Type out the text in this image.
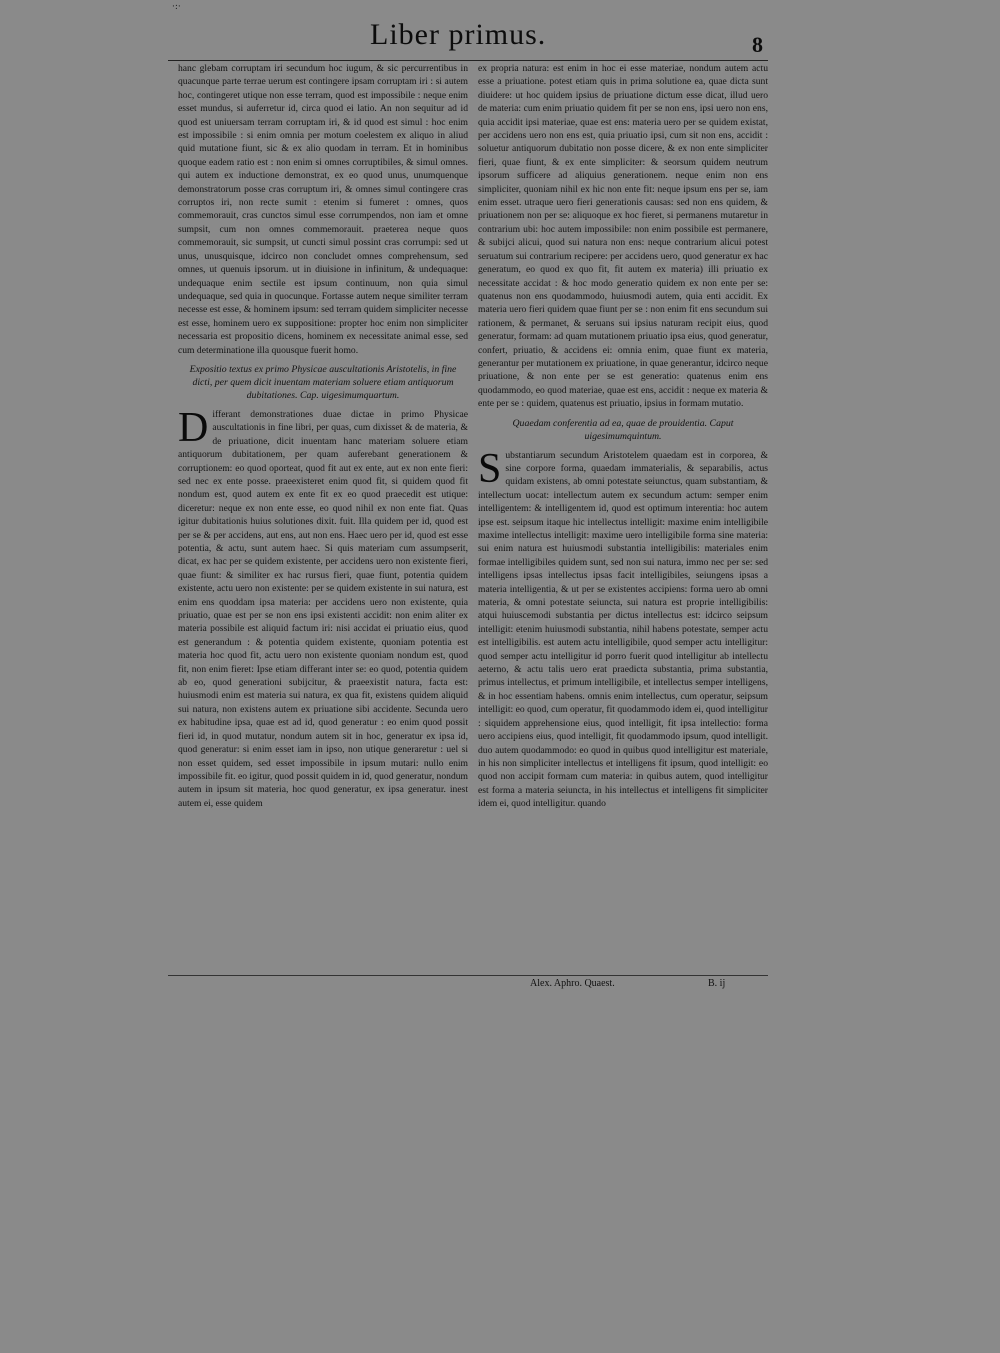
·:·
Liber primus.	8

hanc glebam corruptam iri secundum hoc iugum, & sic percurrentibus in quacunque parte terrae uerum est contingere ipsam corruptam iri : si autem hoc, contingeret utique non esse terram, quod est impossibile : neque enim esset mundus, si auferretur id, circa quod ei latio. An non sequitur ad id quod est uniuersam terram corruptam iri, & id quod est simul : hoc enim est impossibile : si enim omnia per motum coelestem ex aliquo in aliud quid mutatione fiunt, sic & ex alio quodam in terram. Et in hominibus quoque eadem ratio est : non enim si omnes corruptibiles, & simul omnes. qui autem ex inductione demonstrat, ex eo quod unus, unumquenque demonstratorum posse cras corruptum iri, & omnes simul contingere cras corruptos iri, non recte sumit : etenim si fumeret : omnes, quos commemorauit, cras cunctos simul esse corrumpendos, non iam et omne sumpsit, cum non omnes commemorauit. praeterea neque quos commemorauit, sic sumpsit, ut cuncti simul possint cras corrumpi: sed ut unus, unusquisque, idcirco non concludet omnes comprehensum, sed omnes, ut quenuis ipsorum. ut in diuisione in infinitum, & undequaque: undequaque enim sectile est ipsum continuum, non quia simul undequaque, sed quia in quocunque. Fortasse autem neque similiter terram necesse est esse, & hominem ipsum: sed terram quidem simpliciter necesse est esse, hominem uero ex suppositione: propter hoc enim non simpliciter necessaria est propositio dicens, hominem ex necessitate animal esse, sed cum determinatione illa quousque fuerit homo.

Expositio textus ex primo Physicae auscultationis Aristotelis, in fine dicti, per quem dicit inuentam materiam soluere etiam antiquorum dubitationes. Cap. uigesimumquartum.

Differant demonstrationes duae dictae in primo Physicae auscultationis in fine libri, per quas, cum dixisset & de materia, & de priuatione, dicit inuentam hanc materiam soluere etiam antiquorum dubitationem, per quam auferebant generationem & corruptionem: eo quod oporteat, quod fit aut ex ente, aut ex non ente fieri: sed nec ex ente posse. praeexisteret enim quod fit, si quidem quod fit nondum est, quod autem ex ente fit ex eo quod praecedit est utique: diceretur: neque ex non ente esse, eo quod nihil ex non ente fiat. Quas igitur dubitationis huius solutiones dixit. fuit. Illa quidem per id, quod est per se & per accidens, aut ens, aut non ens. Haec uero per id, quod est esse potentia, & actu, sunt autem haec. Si quis materiam cum assumpserit, dicat, ex hac per se quidem existente, per accidens uero non existente fieri, quae fiunt: & similiter ex hac rursus fieri, quae fiunt, potentia quidem existente, actu uero non existente: per se quidem existente in sui natura, est enim ens quoddam ipsa materia: per accidens uero non existente, quia priuatio, quae est per se non ens ipsi existenti accidit: non enim aliter ex materia possibile est aliquid factum iri: nisi accidat ei priuatio eius, quod est generandum : & potentia quidem existente, quoniam potentia est materia hoc quod fit, actu uero non existente quoniam nondum est, quod fit, non enim fieret: Ipse etiam differant inter se: eo quod, potentia quidem ab eo, quod generationi subijcitur, & praeexistit natura, facta est: huiusmodi enim est materia sui natura, ex qua fit, existens quidem aliquid sui natura, non existens autem ex priuatione sibi accidente. Secunda uero ex habitudine ipsa, quae est ad id, quod generatur : eo enim quod possit fieri id, in quod mutatur, nondum autem sit in hoc, generatur ex ipsa id, quod generatur: si enim esset iam in ipso, non utique generaretur : uel si non esset quidem, sed esset impossibile in ipsum mutari: nullo enim impossibile fit. eo igitur, quod possit quidem in id, quod generatur, nondum autem in ipsum sit materia, hoc quod generatur, ex ipsa generatur. inest autem ei, esse quidem

ex propria natura: est enim in hoc ei esse materiae, nondum autem actu esse a priuatione. potest etiam quis in prima solutione ea, quae dicta sunt diuidere: ut hoc quidem ipsius de priuatione dictum esse dicat, illud uero de materia: cum enim priuatio quidem fit per se non ens, ipsi uero non ens, quia accidit ipsi materiae, quae est ens: materia uero per se quidem existat, per accidens uero non ens est, quia priuatio ipsi, cum sit non ens, accidit : soluetur antiquorum dubitatio non posse dicere, & ex non ente simpliciter fieri, quae fiunt, & ex ente simpliciter: & seorsum quidem neutrum ipsorum sufficere ad aliquius generationem. neque enim non ens simpliciter, quoniam nihil ex hic non ente fit: neque ipsum ens per se, iam enim esset. utraque uero fieri generationis causas: sed non ens quidem, & priuationem non per se: aliquoque ex hoc fieret, si permanens mutaretur in contrarium ubi: hoc autem impossibile: non enim possibile est permanere, & subijci alicui, quod sui natura non ens: neque contrarium alicui potest seruatum sui contrarium recipere: per accidens uero, quod generatur ex hac generatum, eo quod ex quo fit, fit autem ex materia) illi priuatio ex necessitate accidat : & hoc modo generatio quidem ex non ente per se: quatenus non ens quodammodo, huiusmodi autem, quia enti accidit. Ex materia uero fieri quidem quae fiunt per se : non enim fit ens secundum sui rationem, & permanet, & seruans sui ipsius naturam recipit eius, quod generatur, formam: ad quam mutationem priuatio ipsa eius, quod generatur, confert, priuatio, & accidens ei: omnia enim, quae fiunt ex materia, generantur per mutationem ex priuatione, in quae generantur, idcirco neque priuatione, & non ente per se est generatio: quatenus enim ens quodammodo, eo quod materiae, quae est ens, accidit : neque ex materia & ente per se : quidem, quatenus est priuatio, ipsius in formam mutatio.

Quaedam conferentia ad ea, quae de prouidentia. Caput uigesimumquintum.

Substantiarum secundum Aristotelem quaedam est in corporea, & sine corpore forma, quaedam immaterialis, & separabilis, actus quidam existens, ab omni potestate seiunctus, quam substantiam, & intellectum uocat: intellectum autem ex secundum actum: semper enim intelligentem: & intelligentem id, quod est optimum interentia: hoc autem ipse est. seipsum itaque hic intellectus intelligit: maxime enim intelligibile maxime intellectus intelligit: maxime uero intelligibile forma sine materia: sui enim natura est huiusmodi substantia intelligibilis: materiales enim formae intelligibiles quidem sunt, sed non sui natura, immo nec per se: sed intelligens ipsas intellectus ipsas facit intelligibiles, seiungens ipsas a materia intelligentia, & ut per se existentes accipiens: forma uero ab omni materia, & omni potestate seiuncta, sui natura est proprie intelligibilis: atqui huiuscemodi substantia per dictus intellectus est: idcirco seipsum intelligit: etenim huiusmodi substantia, nihil habens potestate, semper actu est intelligibilis. est autem actu intelligibile, quod semper actu intelligitur: quod semper actu intelligitur id porro fuerit quod intelligitur ab intellectu aeterno, & actu talis uero erat praedicta substantia, prima substantia, primus intellectus, et primum intelligibile, et intellectus semper intelligens, & in hoc essentiam habens. omnis enim intellectus, cum operatur, seipsum intelligit: eo quod, cum operatur, fit quodammodo idem ei, quod intelligitur : siquidem apprehensione eius, quod intelligit, fit ipsa intellectio: forma uero accipiens eius, quod intelligit, fit quodammodo ipsum, quod intelligit. duo autem quodammodo: eo quod in quibus quod intelligitur est materiale, in his non simpliciter intellectus et intelligens fit ipsum, quod intelligit: eo quod non accipit formam cum materia: in quibus autem, quod intelligitur est forma a materia seiuncta, in his intellectus et intelligens fit simpliciter idem ei, quod intelligitur. quando

Alex. Aphro. Quaest.	B. ij
